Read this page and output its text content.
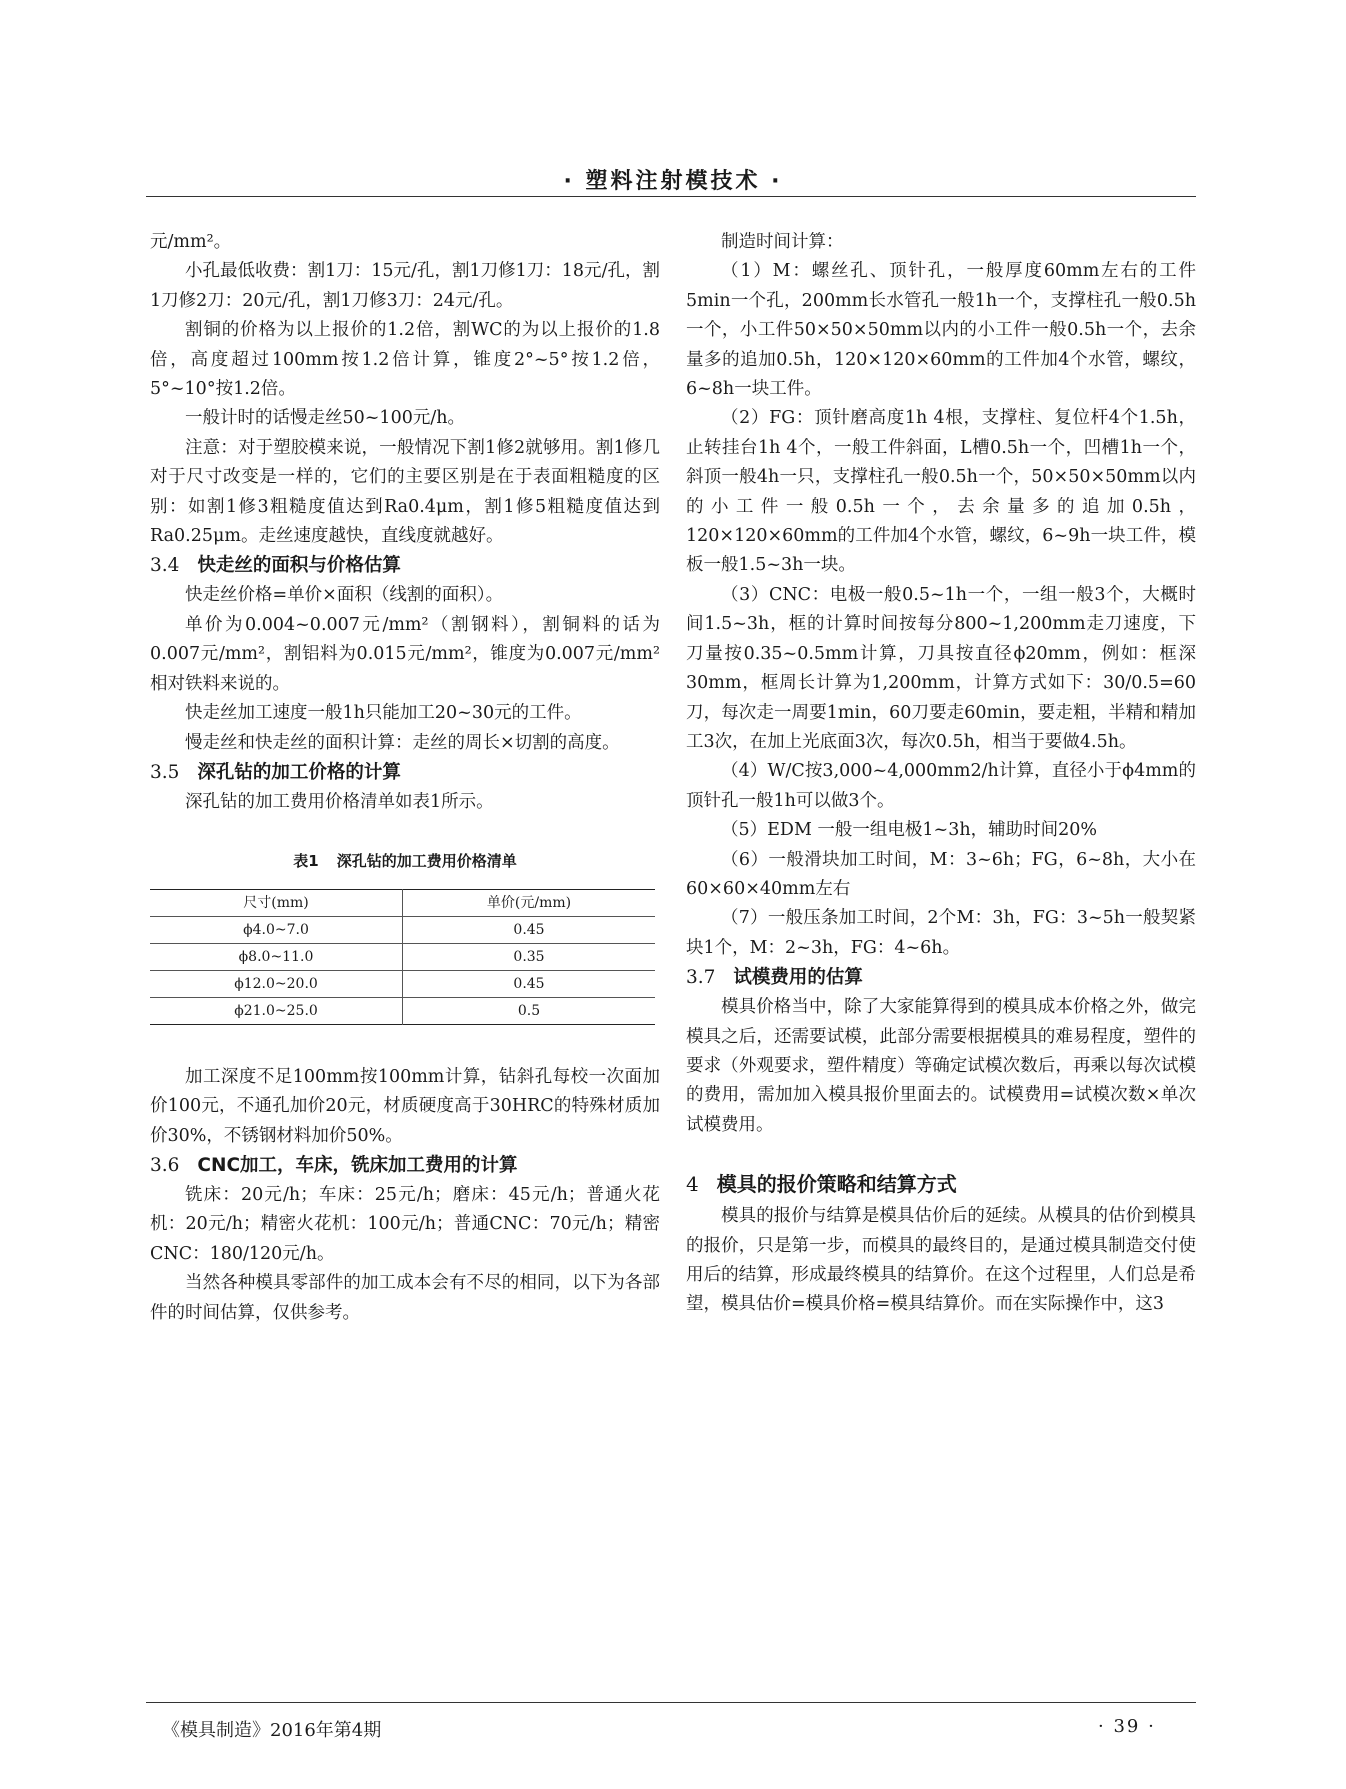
· 塑料注射模技术 ·

元/mm²。

小孔最低收费：割1刀：15元/孔，割1刀修1刀：18元/孔，割1刀修2刀：20元/孔，割1刀修3刀：24元/孔。

割铜的价格为以上报价的1.2倍，割WC的为以上报价的1.8倍，高度超过100mm按1.2倍计算，锥度2°~5°按1.2倍，5°~10°按1.2倍。

一般计时的话慢走丝50~100元/h。

注意：对于塑胶模来说，一般情况下割1修2就够用。割1修几对于尺寸改变是一样的，它们的主要区别是在于表面粗糙度的区别：如割1修3粗糙度值达到Ra0.4μm，割1修5粗糙度值达到Ra0.25μm。走丝速度越快，直线度就越好。

3.4 快走丝的面积与价格估算

快走丝价格=单价×面积（线割的面积）。

单价为0.004~0.007元/mm²（割钢料），割铜料的话为0.007元/mm²，割铝料为0.015元/mm²，锥度为0.007元/mm²相对铁料来说的。

快走丝加工速度一般1h只能加工20~30元的工件。

慢走丝和快走丝的面积计算：走丝的周长×切割的高度。

3.5 深孔钻的加工价格的计算

深孔钻的加工费用价格清单如表1所示。

表1 深孔钻的加工费用价格清单
尺寸(mm)	单价(元/mm)
ϕ4.0~7.0	0.45
ϕ8.0~11.0	0.35
ϕ12.0~20.0	0.45
ϕ21.0~25.0	0.5

加工深度不足100mm按100mm计算，钻斜孔每校一次面加价100元，不通孔加价20元，材质硬度高于30HRC的特殊材质加价30%，不锈钢材料加价50%。

3.6 CNC加工，车床，铣床加工费用的计算

铣床：20元/h；车床：25元/h；磨床：45元/h；普通火花机：20元/h；精密火花机：100元/h；普通CNC：70元/h；精密CNC：180/120元/h。

当然各种模具零部件的加工成本会有不尽的相同，以下为各部件的时间估算，仅供参考。

制造时间计算：

（1）M：螺丝孔、顶针孔，一般厚度60mm左右的工件5min一个孔，200mm长水管孔一般1h一个，支撑柱孔一般0.5h一个，小工件50×50×50mm以内的小工件一般0.5h一个，去余量多的追加0.5h，120×120×60mm的工件加4个水管，螺纹，6~8h一块工件。

（2）FG：顶针磨高度1h 4根，支撑柱、复位杆4个1.5h，止转挂台1h 4个，一般工件斜面，L槽0.5h一个，凹槽1h一个，斜顶一般4h一只，支撑柱孔一般0.5h一个，50×50×50mm以内的小工件一般0.5h一个，去余量多的追加0.5h，120×120×60mm的工件加4个水管，螺纹，6~9h一块工件，模板一般1.5~3h一块。

（3）CNC：电极一般0.5~1h一个，一组一般3个，大概时间1.5~3h，框的计算时间按每分800~1,200mm走刀速度，下刀量按0.35~0.5mm计算，刀具按直径ϕ20mm，例如：框深30mm，框周长计算为1,200mm，计算方式如下：30/0.5=60刀，每次走一周要1min，60刀要走60min，要走粗，半精和精加工3次，在加上光底面3次，每次0.5h，相当于要做4.5h。

（4）W/C按3,000~4,000mm2/h计算，直径小于ϕ4mm的顶针孔一般1h可以做3个。

（5）EDM 一般一组电极1~3h，辅助时间20%

（6）一般滑块加工时间，M：3~6h；FG，6~8h，大小在60×60×40mm左右

（7）一般压条加工时间，2个M：3h，FG：3~5h一般契紧块1个，M：2~3h，FG：4~6h。

3.7 试模费用的估算

模具价格当中，除了大家能算得到的模具成本价格之外，做完模具之后，还需要试模，此部分需要根据模具的难易程度，塑件的要求（外观要求，塑件精度）等确定试模次数后，再乘以每次试模的费用，需加加入模具报价里面去的。试模费用=试模次数×单次试模费用。

4 模具的报价策略和结算方式

模具的报价与结算是模具估价后的延续。从模具的估价到模具的报价，只是第一步，而模具的最终目的，是通过模具制造交付使用后的结算，形成最终模具的结算价。在这个过程里，人们总是希望，模具估价=模具价格=模具结算价。而在实际操作中，这3

《模具制造》2016年第4期	· 39 ·
